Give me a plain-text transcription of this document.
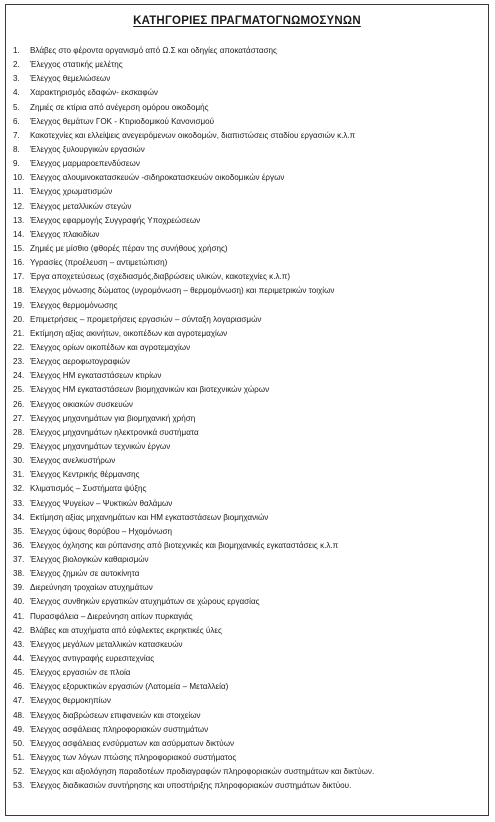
ΚΑΤΗΓΟΡΙΕΣ ΠΡΑΓΜΑΤΟΓΝΩΜΟΣΥΝΩΝ
1.	Βλάβες στο φέροντα οργανισμό από Ω.Σ και οδηγίες αποκατάστασης
2.	Έλεγχος στατικής μελέτης
3.	Έλεγχος θεμελιώσεων
4.	Χαρακτηρισμός εδαφών- εκσκαφών
5.	Ζημιές σε κτίρια από ανέγερση ομόρου οικοδομής
6.	Έλεγχος θεμάτων ΓΟΚ - Κτιριοδομικού Κανονισμού
7.	Κακοτεχνίες και ελλείψεις ανεγειρόμενων οικοδομών, διαπιστώσεις σταδίου εργασιών κ.λ.π
8.	Έλεγχος ξυλουργικών εργασιών
9.	Έλεγχος μαρμαροεπενδύσεων
10. Έλεγχος αλουμινοκατασκευών -σιδηροκατασκευών οικοδομικών έργων
11. Έλεγχος χρωματισμών
12. Έλεγχος μεταλλικών στεγών
13. Έλεγχος εφαρμογής Συγγραφής Υποχρεώσεων
14. Έλεγχος πλακιδίων
15. Ζημιές με μίσθιο (φθορές πέραν της συνήθους χρήσης)
16. Υγρασίες (προέλευση – αντιμετώπιση)
17. Έργα αποχετεύσεως (σχεδιασμός,διαβρώσεις υλικών, κακοτεχνίες κ.λ.π)
18. Έλεγχος μόνωσης δώματος (υγρομόνωση – θερμομόνωση) και περιμετρικών τοιχίων
19. Έλεγχος θερμομόνωσης
20. Επιμετρήσεις – προμετρήσεις εργασιών – σύνταξη λογαριασμών
21. Εκτίμηση αξίας ακινήτων, οικοπέδων και αγροτεμαχίων
22. Έλεγχος ορίων οικοπέδων και αγροτεμαχίων
23. Έλεγχος αεροφωτογραφιών
24. Έλεγχος ΗΜ εγκαταστάσεων κτιρίων
25. Έλεγχος ΗΜ εγκαταστάσεων βιομηχανικών και βιοτεχνικών χώρων
26. Έλεγχος οικιακών συσκευών
27. Έλεγχος μηχανημάτων για βιομηχανική χρήση
28. Έλεγχος μηχανημάτων ηλεκτρονικά συστήματα
29. Έλεγχος μηχανημάτων τεχνικών έργων
30. Έλεγχος ανελκυστήρων
31. Έλεγχος Κεντρικής θέρμανσης
32. Κλιματισμός – Συστήματα ψύξης
33. Έλεγχος Ψυγείων – Ψυκτικών θαλάμων
34. Εκτίμηση αξίας μηχανημάτων και ΗΜ εγκαταστάσεων βιομηχανιών
35. Έλεγχος ύψους θορύβου – Ηχομόνωση
36. Έλεγχος όχλησης και ρύπανσης από βιοτεχνικές και βιομηχανικές εγκαταστάσεις κ.λ.π
37. Έλεγχος βιολογικών καθαρισμών
38. Έλεγχος ζημιών σε αυτοκίνητα
39. Διερεύνηση τροχαίων ατυχημάτων
40. Έλεγχος συνθηκών εργατικών ατυχημάτων σε χώρους εργασίας
41. Πυρασφάλεια – Διερεύνηση αιτίων πυρκαγιάς
42. Βλάβες και ατυχήματα από εύφλεκτες εκρηκτικές ύλες
43. Έλεγχος μεγάλων μεταλλικών κατασκευών
44. Έλεγχος αντιγραφής ευρεσιτεχνίας
45. Έλεγχος εργασιών σε πλοία
46. Έλεγχος εξορυκτικών εργασιών (Λατομεία – Μεταλλεία)
47. Έλεγχος θερμοκηπίων
48. Έλεγχος διαβρώσεων επιφανειών και στοιχείων
49. Έλεγχος ασφάλειας πληροφοριακών συστημάτων
50. Έλεγχος ασφάλειας ενσύρματων και ασύρματων δικτύων
51. Έλεγχος των λόγων πτώσης πληροφοριακού συστήματος
52. Έλεγχος και αξιολόγηση παραδοτέων προδιαγραφών πληροφοριακών συστημάτων και δικτύων.
53. Έλεγχος διαδικασιών συντήρησης και υποστήριξης πληροφοριακών συστημάτων δικτύου.
